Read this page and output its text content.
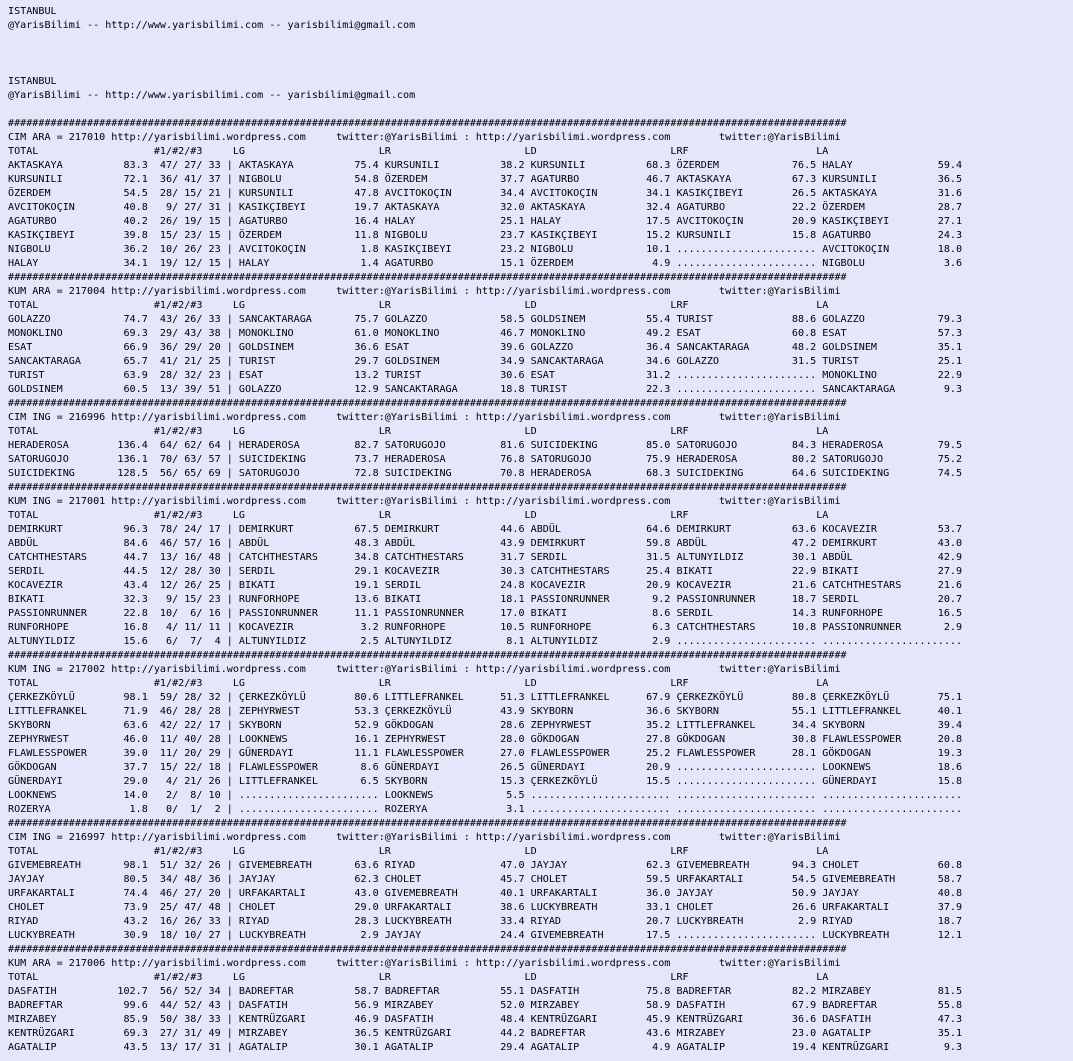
ISTANBUL
@YarisBilimi -- http://www.yarisbilimi.com -- yarisbilimi@gmail.com
ISTANBUL
@YarisBilimi -- http://www.yarisbilimi.com -- yarisbilimi@gmail.com
##########################################################################################################################################
CIM ARA = 217010 http://yarisbilimi.wordpress.com     twitter:@YarisBilimi : http://yarisbilimi.wordpress.com        twitter:@YarisBilimi
TOTAL                   #1/#2/#3     LG                      LR                      LD                      LRF                     LA
AKTASKAYA          83.3  47/ 27/ 33 | AKTASKAYA          75.4 KURSUNILI          38.2 KURSUNILI          68.3 ÖZERDEM            76.5 HALAY              59.4
KURSUNILI          72.1  36/ 41/ 37 | NIGBOLU            54.8 ÖZERDEM            37.7 AGATURBO           46.7 AKTASKAYA          67.3 KURSUNILI          36.5
ÖZERDEM            54.5  28/ 15/ 21 | KURSUNILI          47.8 AVCITOKOÇIN        34.4 AVCITOKOÇIN        34.1 KASIKÇIBEYI        26.5 AKTASKAYA          31.6
AVCITOKOÇIN        40.8   9/ 27/ 31 | KASIKÇIBEYI        19.7 AKTASKAYA          32.0 AKTASKAYA          32.4 AGATURBO           22.2 ÖZERDEM            28.7
AGATURBO           40.2  26/ 19/ 15 | AGATURBO           16.4 HALAY              25.1 HALAY              17.5 AVCITOKOÇIN        20.9 KASIKÇIBEYI        27.1
KASIKÇIBEYI        39.8  15/ 23/ 15 | ÖZERDEM            11.8 NIGBOLU            23.7 KASIKÇIBEYI        15.2 KURSUNILI          15.8 AGATURBO           24.3
NIGBOLU            36.2  10/ 26/ 23 | AVCITOKOÇIN         1.8 KASIKÇIBEYI        23.2 NIGBOLU            10.1 ....................... AVCITOKOÇIN        18.0
HALAY              34.1  19/ 12/ 15 | HALAY               1.4 AGATURBO           15.1 ÖZERDEM             4.9 ....................... NIGBOLU             3.6
##########################################################################################################################################
KUM ARA = 217004 http://yarisbilimi.wordpress.com     twitter:@YarisBilimi : http://yarisbilimi.wordpress.com        twitter:@YarisBilimi
TOTAL                   #1/#2/#3     LG                      LR                      LD                      LRF                     LA
GOLAZZO            74.7  43/ 26/ 33 | SANCAKTARAGA       75.7 GOLAZZO            58.5 GOLDSINEM          55.4 TURIST             88.6 GOLAZZO            79.3
MONOKLINO          69.3  29/ 43/ 38 | MONOKLINO          61.0 MONOKLINO          46.7 MONOKLINO          49.2 ESAT               60.8 ESAT               57.3
ESAT               66.9  36/ 29/ 20 | GOLDSINEM          36.6 ESAT               39.6 GOLAZZO            36.4 SANCAKTARAGA       48.2 GOLDSINEM          35.1
SANCAKTARAGA       65.7  41/ 21/ 25 | TURIST             29.7 GOLDSINEM          34.9 SANCAKTARAGA       34.6 GOLAZZO            31.5 TURIST             25.1
TURIST             63.9  28/ 32/ 23 | ESAT               13.2 TURIST             30.6 ESAT               31.2 ....................... MONOKLINO          22.9
GOLDSINEM          60.5  13/ 39/ 51 | GOLAZZO            12.9 SANCAKTARAGA       18.8 TURIST             22.3 ....................... SANCAKTARAGA        9.3
##########################################################################################################################################
CIM ING = 216996 http://yarisbilimi.wordpress.com     twitter:@YarisBilimi : http://yarisbilimi.wordpress.com        twitter:@YarisBilimi
TOTAL                   #1/#2/#3     LG                      LR                      LD                      LRF                     LA
HERADEROSA        136.4  64/ 62/ 64 | HERADEROSA         82.7 SATORUGOJO         81.6 SUICIDEKING        85.0 SATORUGOJO         84.3 HERADEROSA         79.5
SATORUGOJO        136.1  70/ 63/ 57 | SUICIDEKING        73.7 HERADEROSA         76.8 SATORUGOJO         75.9 HERADEROSA         80.2 SATORUGOJO         75.2
SUICIDEKING       128.5  56/ 65/ 69 | SATORUGOJO         72.8 SUICIDEKING        70.8 HERADEROSA         68.3 SUICIDEKING        64.6 SUICIDEKING        74.5
##########################################################################################################################################
KUM ING = 217001 http://yarisbilimi.wordpress.com     twitter:@YarisBilimi : http://yarisbilimi.wordpress.com        twitter:@YarisBilimi
TOTAL                   #1/#2/#3     LG                      LR                      LD                      LRF                     LA
DEMIRKURT          96.3  78/ 24/ 17 | DEMIRKURT          67.5 DEMIRKURT          44.6 ABDÜL              64.6 DEMIRKURT          63.6 KOCAVEZIR          53.7
ABDÜL              84.6  46/ 57/ 16 | ABDÜL              48.3 ABDÜL              43.9 DEMIRKURT          59.8 ABDÜL              47.2 DEMIRKURT          43.0
CATCHTHESTARS      44.7  13/ 16/ 48 | CATCHTHESTARS      34.8 CATCHTHESTARS      31.7 SERDIL             31.5 ALTUNYILDIZ        30.1 ABDÜL              42.9
SERDIL             44.5  12/ 28/ 30 | SERDIL             29.1 KOCAVEZIR          30.3 CATCHTHESTARS      25.4 BIKATI             22.9 BIKATI             27.9
KOCAVEZIR          43.4  12/ 26/ 25 | BIKATI             19.1 SERDIL             24.8 KOCAVEZIR          20.9 KOCAVEZIR          21.6 CATCHTHESTARS      21.6
BIKATI             32.3   9/ 15/ 23 | RUNFORHOPE         13.6 BIKATI             18.1 PASSIONRUNNER       9.2 PASSIONRUNNER      18.7 SERDIL             20.7
PASSIONRUNNER      22.8  10/  6/ 16 | PASSIONRUNNER      11.1 PASSIONRUNNER      17.0 BIKATI              8.6 SERDIL             14.3 RUNFORHOPE         16.5
RUNFORHOPE         16.8   4/ 11/ 11 | KOCAVEZIR           3.2 RUNFORHOPE         10.5 RUNFORHOPE          6.3 CATCHTHESTARS      10.8 PASSIONRUNNER       2.9
ALTUNYILDIZ        15.6   6/  7/  4 | ALTUNYILDIZ         2.5 ALTUNYILDIZ         8.1 ALTUNYILDIZ         2.9 ....................... .......................
##########################################################################################################################################
KUM ING = 217002 http://yarisbilimi.wordpress.com     twitter:@YarisBilimi : http://yarisbilimi.wordpress.com        twitter:@YarisBilimi
TOTAL                   #1/#2/#3     LG                      LR                      LD                      LRF                     LA
ÇERKEZKÖYLÜ        98.1  59/ 28/ 32 | ÇERKEZKÖYLÜ        80.6 LITTLEFRANKEL      51.3 LITTLEFRANKEL      67.9 ÇERKEZKÖYLÜ        80.8 ÇERKEZKÖYLÜ        75.1
LITTLEFRANKEL      71.9  46/ 28/ 28 | ZEPHYRWEST         53.3 ÇERKEZKÖYLÜ        43.9 SKYBORN            36.6 SKYBORN            55.1 LITTLEFRANKEL      40.1
SKYBORN            63.6  42/ 22/ 17 | SKYBORN            52.9 GÖKDOGAN           28.6 ZEPHYRWEST         35.2 LITTLEFRANKEL      34.4 SKYBORN            39.4
ZEPHYRWEST         46.0  11/ 40/ 28 | LOOKNEWS           16.1 ZEPHYRWEST         28.0 GÖKDOGAN           27.8 GÖKDOGAN           30.8 FLAWLESSPOWER      20.8
FLAWLESSPOWER      39.0  11/ 20/ 29 | GÜNERDAYI          11.1 FLAWLESSPOWER      27.0 FLAWLESSPOWER      25.2 FLAWLESSPOWER      28.1 GÖKDOGAN           19.3
GÖKDOGAN           37.7  15/ 22/ 18 | FLAWLESSPOWER       8.6 GÜNERDAYI          26.5 GÜNERDAYI          20.9 ....................... LOOKNEWS           18.6
GÜNERDAYI          29.0   4/ 21/ 26 | LITTLEFRANKEL       6.5 SKYBORN            15.3 ÇERKEZKÖYLÜ        15.5 ....................... GÜNERDAYI          15.8
LOOKNEWS           14.0   2/  8/ 10 | ....................... LOOKNEWS            5.5 ....................... ....................... .......................
ROZERYA             1.8   0/  1/  2 | ....................... ROZERYA             3.1 ....................... ....................... .......................
##########################################################################################################################################
CIM ING = 216997 http://yarisbilimi.wordpress.com     twitter:@YarisBilimi : http://yarisbilimi.wordpress.com        twitter:@YarisBilimi
TOTAL                   #1/#2/#3     LG                      LR                      LD                      LRF                     LA
GIVEMEBREATH       98.1  51/ 32/ 26 | GIVEMEBREATH       63.6 RIYAD              47.0 JAYJAY             62.3 GIVEMEBREATH       94.3 CHOLET             60.8
JAYJAY             80.5  34/ 48/ 36 | JAYJAY             62.3 CHOLET             45.7 CHOLET             59.5 URFAKARTALI        54.5 GIVEMEBREATH       58.7
URFAKARTALI        74.4  46/ 27/ 20 | URFAKARTALI        43.0 GIVEMEBREATH       40.1 URFAKARTALI        36.0 JAYJAY             50.9 JAYJAY             40.8
CHOLET             73.9  25/ 47/ 48 | CHOLET             29.0 URFAKARTALI        38.6 LUCKYBREATH        33.1 CHOLET             26.6 URFAKARTALI        37.9
RIYAD              43.2  16/ 26/ 33 | RIYAD              28.3 LUCKYBREATH        33.4 RIYAD              20.7 LUCKYBREATH         2.9 RIYAD              18.7
LUCKYBREATH        30.9  18/ 10/ 27 | LUCKYBREATH         2.9 JAYJAY             24.4 GIVEMEBREATH       17.5 ....................... LUCKYBREATH        12.1
##########################################################################################################################################
KUM ARA = 217006 http://yarisbilimi.wordpress.com     twitter:@YarisBilimi : http://yarisbilimi.wordpress.com        twitter:@YarisBilimi
TOTAL                   #1/#2/#3     LG                      LR                      LD                      LRF                     LA
DASFATIH          102.7  56/ 52/ 34 | BADREFTAR          58.7 BADREFTAR          55.1 DASFATIH           75.8 BADREFTAR          82.2 MIRZABEY           81.5
BADREFTAR          99.6  44/ 52/ 43 | DASFATIH           56.9 MIRZABEY           52.0 MIRZABEY           58.9 DASFATIH           67.9 BADREFTAR          55.8
MIRZABEY           85.9  50/ 38/ 33 | KENTRÜZGARI        46.9 DASFATIH           48.4 KENTRÜZGARI        45.9 KENTRÜZGARI        36.6 DASFATIH           47.3
KENTRÜZGARI        69.3  27/ 31/ 49 | MIRZABEY           36.5 KENTRÜZGARI        44.2 BADREFTAR          43.6 MIRZABEY           23.0 AGATALIP           35.1
AGATALIP           43.5  13/ 17/ 31 | AGATALIP           30.1 AGATALIP           29.4 AGATALIP            4.9 AGATALIP           19.4 KENTRÜZGARI         9.3
